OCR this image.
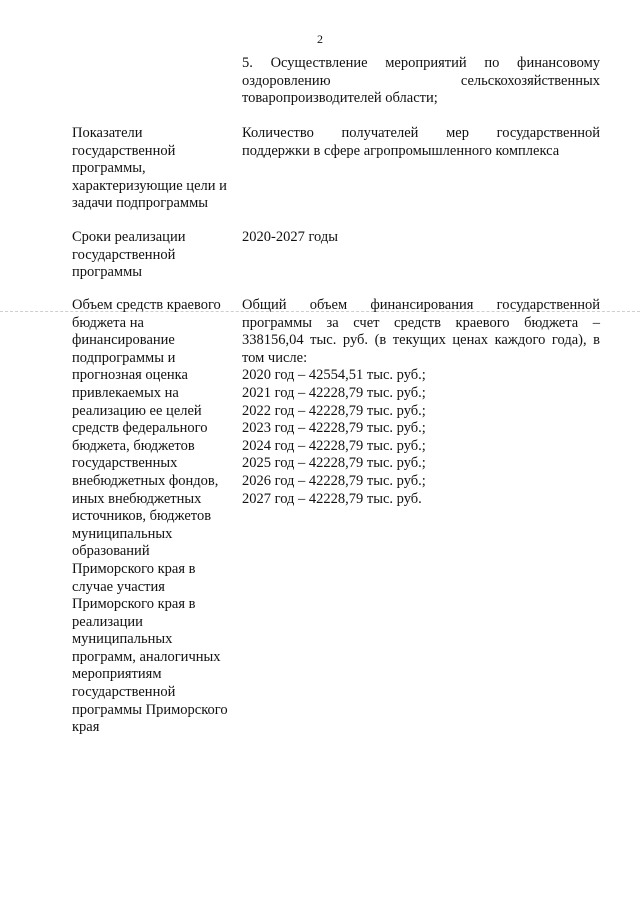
2
5. Осуществление мероприятий по финансовому
оздоровлению сельскохозяйственных
товаропроизводителей области;
Показатели
государственной
программы,
характеризующие цели и
задачи подпрограммы
Количество получателей мер государственной
поддержки в сфере агропромышленного комплекса
Сроки реализации
государственной
программы
2020-2027 годы
Объем средств краевого
бюджета на
финансирование
подпрограммы и
прогнозная оценка
привлекаемых на
реализацию ее целей
средств федерального
бюджета, бюджетов
государственных
внебюджетных фондов,
иных внебюджетных
источников, бюджетов
муниципальных
образований
Приморского края в
случае участия
Приморского края в
реализации
муниципальных
программ, аналогичных
мероприятиям
государственной
программы Приморского
края
Общий объем финансирования государственной
программы за счет средств краевого бюджета –
338156,04 тыс. руб. (в текущих ценах каждого года), в
том числе:
2020 год – 42554,51 тыс. руб.;
2021 год – 42228,79 тыс. руб.;
2022 год – 42228,79 тыс. руб.;
2023 год – 42228,79 тыс. руб.;
2024 год – 42228,79 тыс. руб.;
2025 год – 42228,79 тыс. руб.;
2026 год – 42228,79 тыс. руб.;
2027 год – 42228,79 тыс. руб.
